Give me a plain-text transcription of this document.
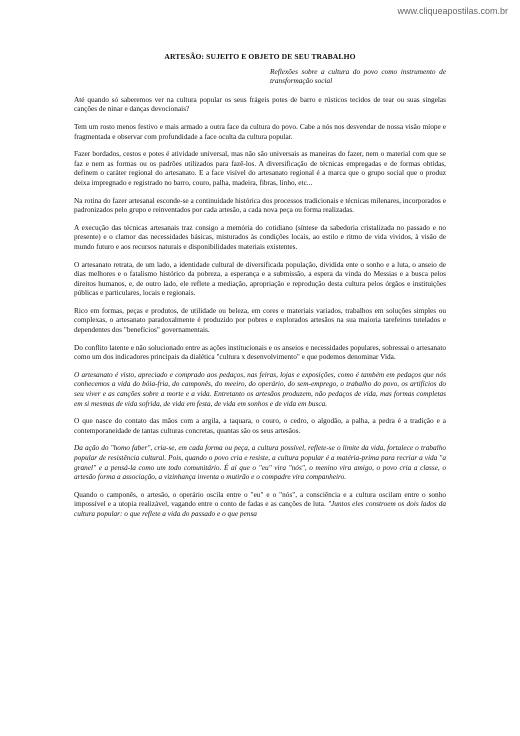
www.cliqueapostilas.com.br
ARTESÃO: SUJEITO E OBJETO DE SEU TRABALHO
Reflexões sobre a cultura do povo como instrumento de transformação social

Até quando só saberemos ver na cultura popular os seus frágeis potes de barro e rústicos tecidos de tear ou suas singelas canções de ninar e danças devocionais?

Tem um rosto menos festivo e mais armado a outra face da cultura do povo. Cabe a nós nos desvendar de nossa visão míope e fragmentada e observar com profundidade a face oculta da cultura popular.

Fazer bordados, cestos e potes é atividade universal, mas não são universais as maneiras do fazer, nem o material com que se faz e nem as formas ou os padrões utilizados para fazê-los. A diversificação de técnicas empregadas e de formas obtidas, definem o caráter regional do artesanato. E a face visível do artesanato regional é a marca que o grupo social que o produz deixa impregnado e registrado no barro, couro, palha, madeira, fibras, linho, etc...

Na rotina do fazer artesanal esconde-se a continuidade histórica dos processos tradicionais e técnicas milenares, incorporados e padronizados pelo grupo e reinventados por cada artesão, a cada nova peça ou forma realizadas.

A execução das técnicas artesanais traz consigo a memória do cotidiano (síntese da sabedoria cristalizada no passado e no presente) e o clamor das necessidades básicas, misturados às condições locais, ao estilo e ritmo de vida vividos, à visão de mundo futuro e aos recursos naturais e disponibilidades materiais existentes.

O artesanato retrata, de um lado, a identidade cultural de diversificada população, dividida ente o sonho e a luta, o anseio de dias melhores e o fatalismo histórico da pobreza, a esperança e a submissão, a espera da vinda do Messias e a busca pelos direitos humanos, e, de outro lado, ele reflete a mediação, apropriação e reprodução desta cultura pelos órgãos e instituições públicas e particulares, locais e regionais.

Rico em formas, peças e produtos, de utilidade ou beleza, em cores e materiais variados, trabalhos em soluções simples ou complexas, o artesanato paradoxalmente é produzido por pobres e explorados artesãos na sua maioria tarefeiros tutelados e dependentes dos "benefícios" governamentais.

Do conflito latente e não solucionado entre as ações institucionais e os anseios e necessidades populares, sobressai o artesanato como um dos indicadores principais da dialética "cultura x desenvolvimento" e que podemos denominar Vida.

O artesanato é visto, apreciado e comprado aos pedaços, nas feiras, lojas e exposições, como é também em pedaços que nós conhecemos a vida do bóia-fria, do camponês, do meeiro, do operário, do sem-emprego, o trabalho do povo, os artifícios do seu viver e as canções sobre a morte e a vida. Entretanto os artesãos produzem, não pedaços de vida, mas formas completas em si mesmas de vida sofrida, de vida em festa, de vida em sonhos e de vida em busca.

O que nasce do contato das mãos com a argila, a taquara, o couro, o cedro, o algodão, a palha, a pedra é a tradição e a contemporaneidade de tantas culturas concretas, quantas são os seus artesãos.

Da ação do "homo faber", cria-se, em cada forma ou peça, a cultura possível, reflete-se o limite da vida, fortalece o trabalho popular de resistência cultural. Pois, quando o povo cria e resiste, a cultura popular é a matéria-prima para recriar a vida "a granel" e a pensá-la como um todo comunitário. É aí que o "eu" vira "nós", o menino vira amigo, o povo cria a classe, o artesão forma a associação, a vizinhança inventa o mutirão e o compadre vira companheiro.

Quando o camponês, o artesão, o operário oscila entre o "eu" e o "nós", a consciência e a cultura oscilam entre o sonho impossível e a utopia realizável, vagando entre o conto de fadas e as canções de luta. "Juntos eles constroem os dois lados da cultura popular: o que reflete a vida do passado e o que pensa
